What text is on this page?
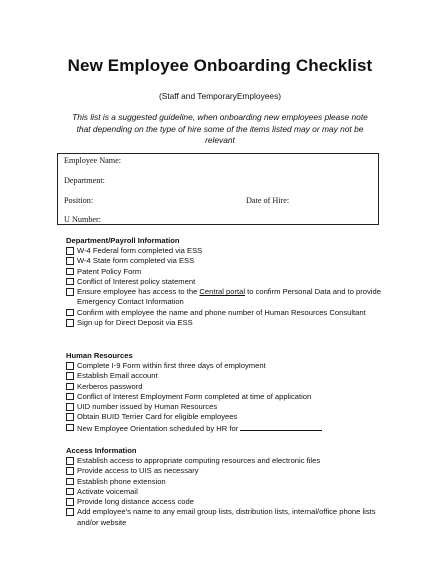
New Employee Onboarding Checklist

(Staff and TemporaryEmployees)

This list is a suggested guideline, when onboarding new employees please note that depending on the type of hire some of the items listed may or may not be relevant

Employee Name:
Department:
Position:	Date of Hire:
U Number:
Department/Payroll Information
W-4 Federal form completed via ESS
W-4 State form completed via ESS
Patent Policy Form
Conflict of Interest policy statement
Ensure employee has access to the Central portal to confirm Personal Data and to provide Emergency Contact Information
Confirm with employee the name and phone number of Human Resources Consultant
Sign up for Direct Deposit via ESS
Human Resources
Complete I-9 Form within first three days of employment
Establish Email account
Kerberos password
Conflict of Interest Employment Form completed at time of application
UID number issued by Human Resources
Obtain BUID Terrier Card for eligible employees
New Employee Orientation scheduled by HR for
Access Information
Establish access to appropriate computing resources and electronic files
Provide access to UIS as necessary
Establish phone extension
Activate voicemail
Provide long distance access code
Add employee’s name to any email group lists, distribution lists, internal/office phone lists and/or website
